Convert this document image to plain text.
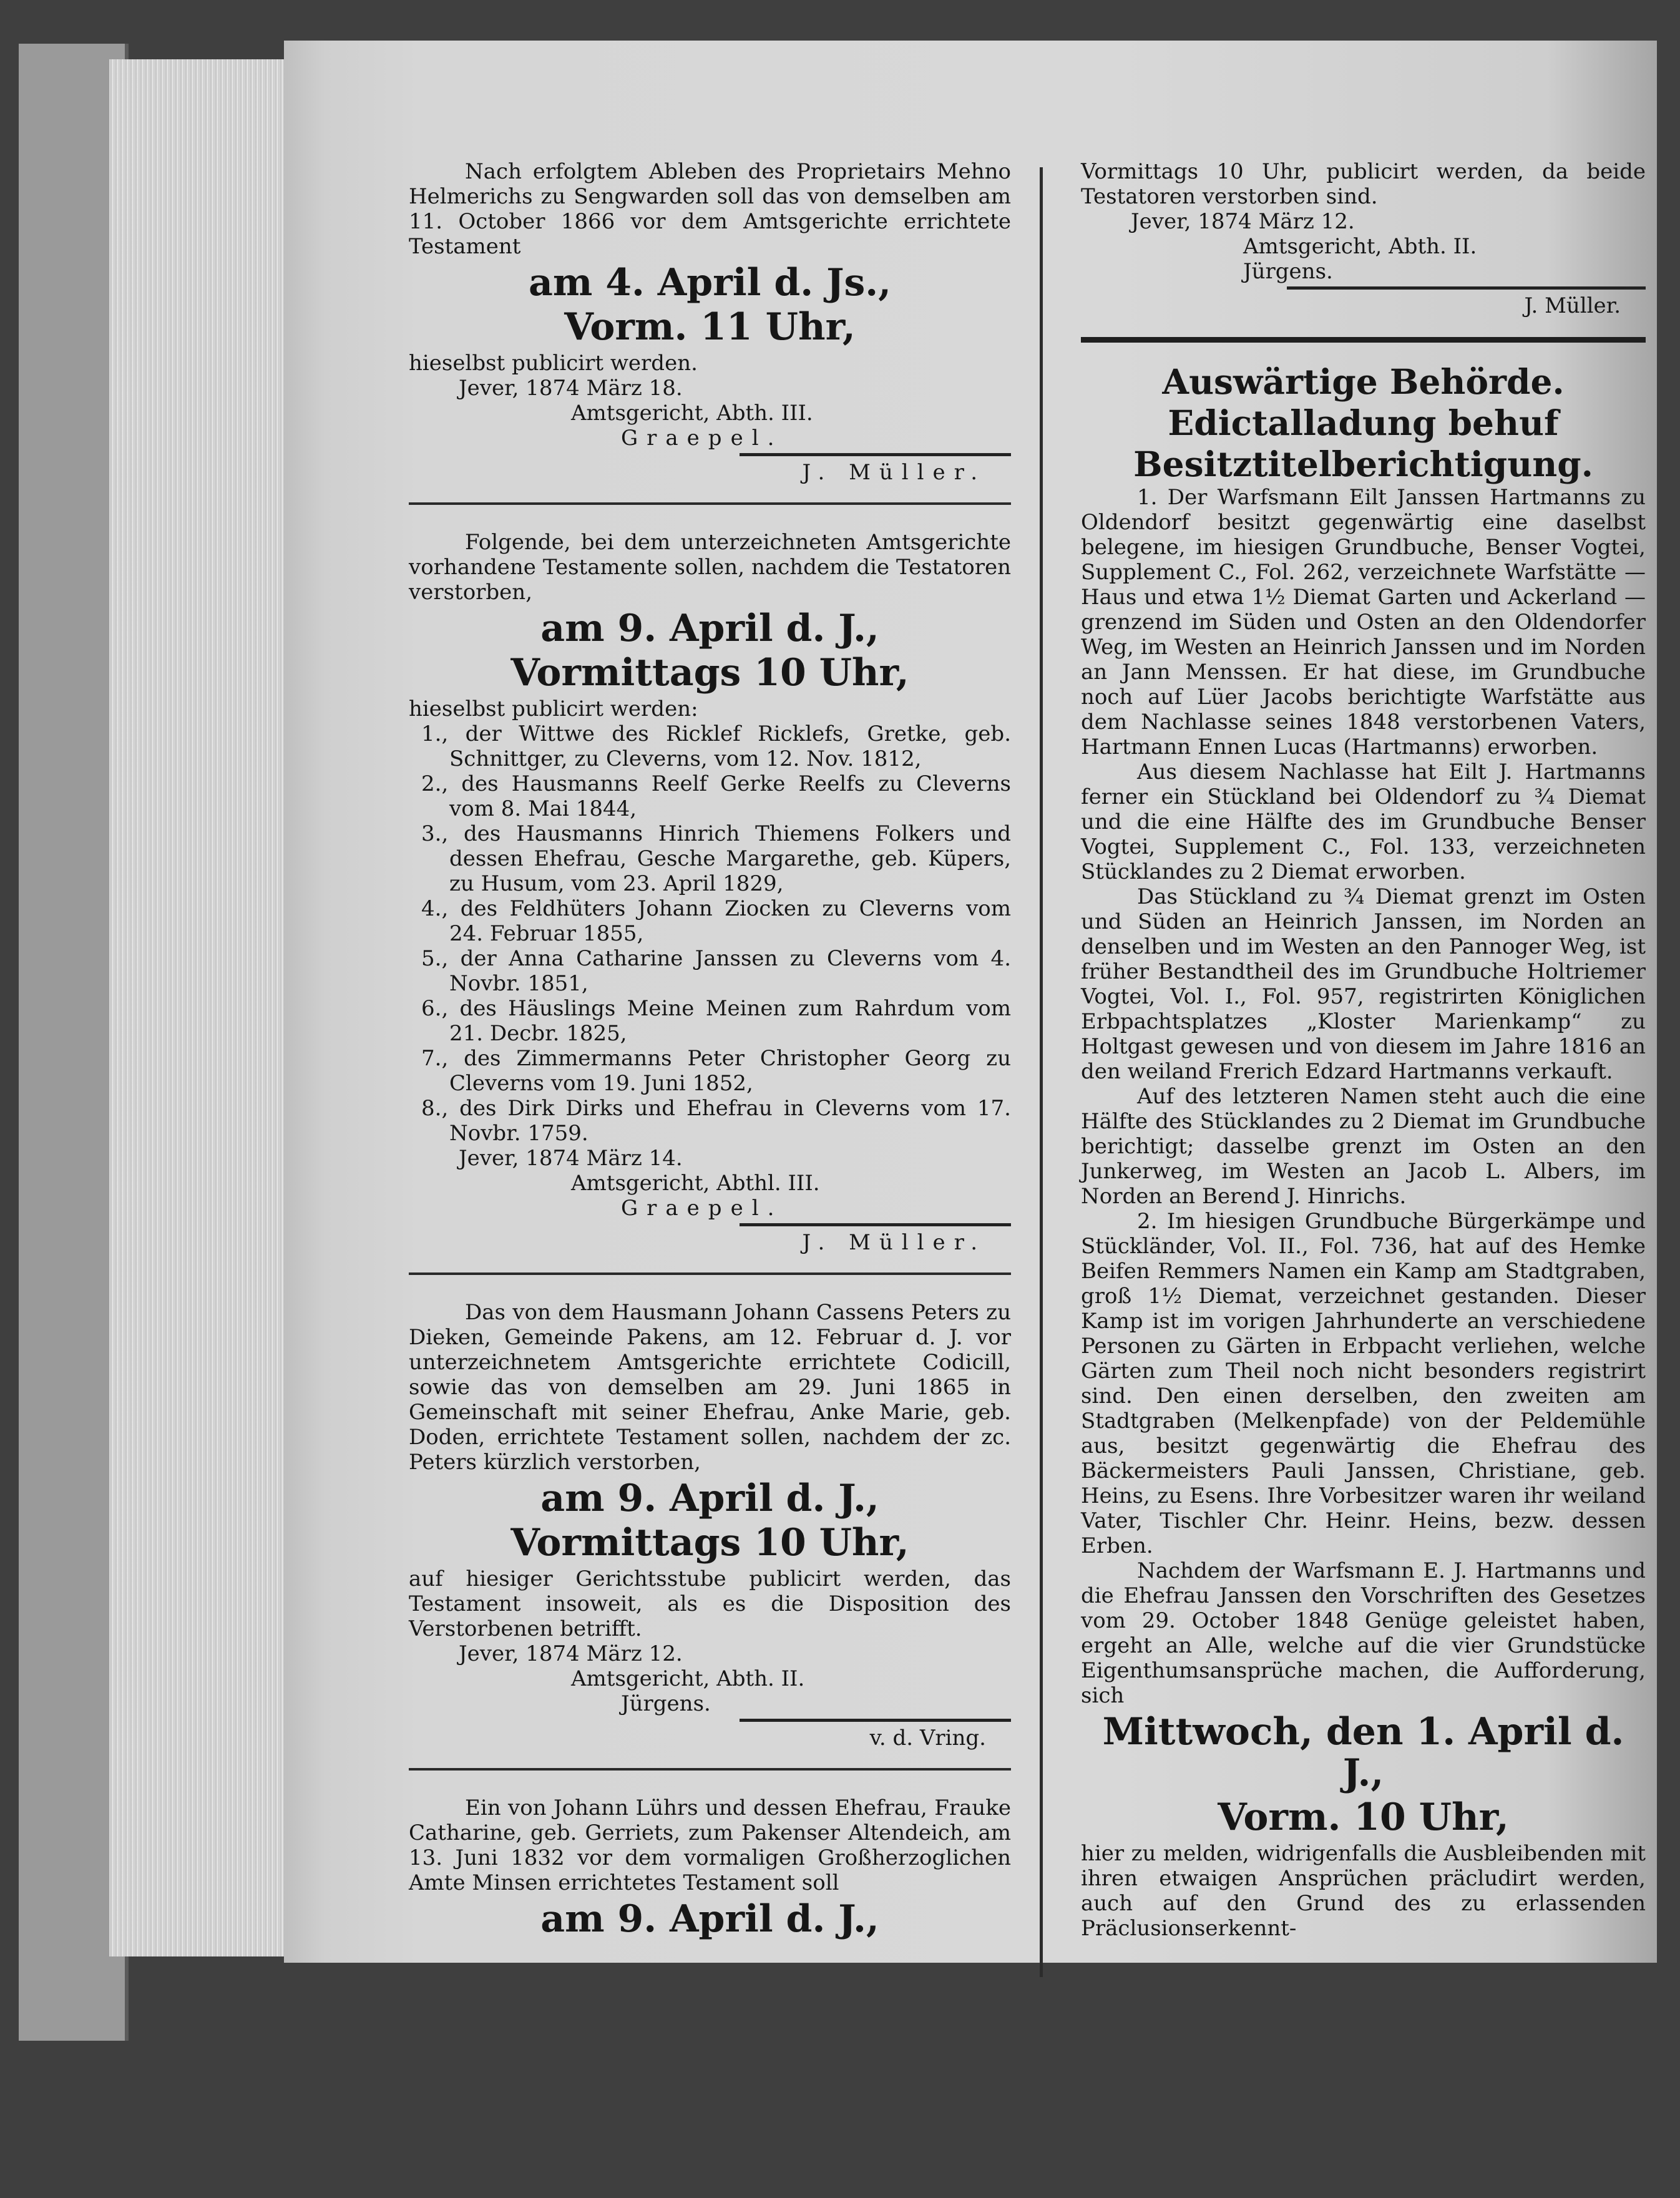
Nach erfolgtem Ableben des Proprietairs Mehno Helmerichs zu Sengwarden soll das von demselben am 11. October 1866 vor dem Amtsgerichte errichtete Testament

am 4. April d. Js.,

Vorm. 11 Uhr,

hieselbst publicirt werden.

Jever, 1874 März 18.

Amtsgericht, Abth. III.

Graepel.

J. Müller.

Folgende, bei dem unterzeichneten Amtsgerichte vorhandene Testamente sollen, nachdem die Testatoren verstorben,

am 9. April d. J.,

Vormittags 10 Uhr,

hieselbst publicirt werden:

1., der Wittwe des Ricklef Ricklefs, Gretke, geb. Schnittger, zu Cleverns, vom 12. Nov. 1812,
2., des Hausmanns Reelf Gerke Reelfs zu Cleverns vom 8. Mai 1844,
3., des Hausmanns Hinrich Thiemens Folkers und dessen Ehefrau, Gesche Margarethe, geb. Küpers, zu Husum, vom 23. April 1829,
4., des Feldhüters Johann Ziocken zu Cleverns vom 24. Februar 1855,
5., der Anna Catharine Janssen zu Cleverns vom 4. Novbr. 1851,
6., des Häuslings Meine Meinen zum Rahrdum vom 21. Decbr. 1825,
7., des Zimmermanns Peter Christopher Georg zu Cleverns vom 19. Juni 1852,
8., des Dirk Dirks und Ehefrau in Cleverns vom 17. Novbr. 1759.

Jever, 1874 März 14.

Amtsgericht, Abthl. III.

Graepel.

J. Müller.

Das von dem Hausmann Johann Cassens Peters zu Dieken, Gemeinde Pakens, am 12. Februar d. J. vor unterzeichnetem Amtsgerichte errichtete Codicill, sowie das von demselben am 29. Juni 1865 in Gemeinschaft mit seiner Ehefrau, Anke Marie, geb. Doden, errichtete Testament sollen, nachdem der zc. Peters kürzlich verstorben,

am 9. April d. J.,

Vormittags 10 Uhr,

auf hiesiger Gerichtsstube publicirt werden, das Testament insoweit, als es die Disposition des Verstorbenen betrifft.

Jever, 1874 März 12.

Amtsgericht, Abth. II.

Jürgens.

v. d. Vring.

Ein von Johann Lührs und dessen Ehefrau, Frauke Catharine, geb. Gerriets, zum Pakenser Altendeich, am 13. Juni 1832 vor dem vormaligen Großherzoglichen Amte Minsen errichtetes Testament soll

am 9. April d. J.,

Vormittags 10 Uhr, publicirt werden, da beide Testatoren verstorben sind.

Jever, 1874 März 12.

Amtsgericht, Abth. II.

Jürgens.

J. Müller.

Auswärtige Behörde.

Edictalladung behuf Besitztitelberichtigung.

1. Der Warfsmann Eilt Janssen Hartmanns zu Oldendorf besitzt gegenwärtig eine daselbst belegene, im hiesigen Grundbuche, Benser Vogtei, Supplement C., Fol. 262, verzeichnete Warfstätte — Haus und etwa 1½ Diemat Garten und Ackerland — grenzend im Süden und Osten an den Oldendorfer Weg, im Westen an Heinrich Janssen und im Norden an Jann Menssen. Er hat diese, im Grundbuche noch auf Lüer Jacobs berichtigte Warfstätte aus dem Nachlasse seines 1848 verstorbenen Vaters, Hartmann Ennen Lucas (Hartmanns) erworben.

Aus diesem Nachlasse hat Eilt J. Hartmanns ferner ein Stückland bei Oldendorf zu ¾ Diemat und die eine Hälfte des im Grundbuche Benser Vogtei, Supplement C., Fol. 133, verzeichneten Stücklandes zu 2 Diemat erworben.

Das Stückland zu ¾ Diemat grenzt im Osten und Süden an Heinrich Janssen, im Norden an denselben und im Westen an den Pannoger Weg, ist früher Bestandtheil des im Grundbuche Holtriemer Vogtei, Vol. I., Fol. 957, registrirten Königlichen Erbpachtsplatzes „Kloster Marienkamp“ zu Holtgast gewesen und von diesem im Jahre 1816 an den weiland Frerich Edzard Hartmanns verkauft.

Auf des letzteren Namen steht auch die eine Hälfte des Stücklandes zu 2 Diemat im Grundbuche berichtigt; dasselbe grenzt im Osten an den Junkerweg, im Westen an Jacob L. Albers, im Norden an Berend J. Hinrichs.

2. Im hiesigen Grundbuche Bürgerkämpe und Stückländer, Vol. II., Fol. 736, hat auf des Hemke Beifen Remmers Namen ein Kamp am Stadtgraben, groß 1½ Diemat, verzeichnet gestanden. Dieser Kamp ist im vorigen Jahrhunderte an verschiedene Personen zu Gärten in Erbpacht verliehen, welche Gärten zum Theil noch nicht besonders registrirt sind. Den einen derselben, den zweiten am Stadtgraben (Melkenpfade) von der Peldemühle aus, besitzt gegenwärtig die Ehefrau des Bäckermeisters Pauli Janssen, Christiane, geb. Heins, zu Esens. Ihre Vorbesitzer waren ihr weiland Vater, Tischler Chr. Heinr. Heins, bezw. dessen Erben.

Nachdem der Warfsmann E. J. Hartmanns und die Ehefrau Janssen den Vorschriften des Gesetzes vom 29. October 1848 Genüge geleistet haben, ergeht an Alle, welche auf die vier Grundstücke Eigenthumsansprüche machen, die Aufforderung, sich

Mittwoch, den 1. April d. J.,

Vorm. 10 Uhr,

hier zu melden, widrigenfalls die Ausbleibenden mit ihren etwaigen Ansprüchen präcludirt werden, auch auf den Grund des zu erlassenden Präclusionserkennt-
